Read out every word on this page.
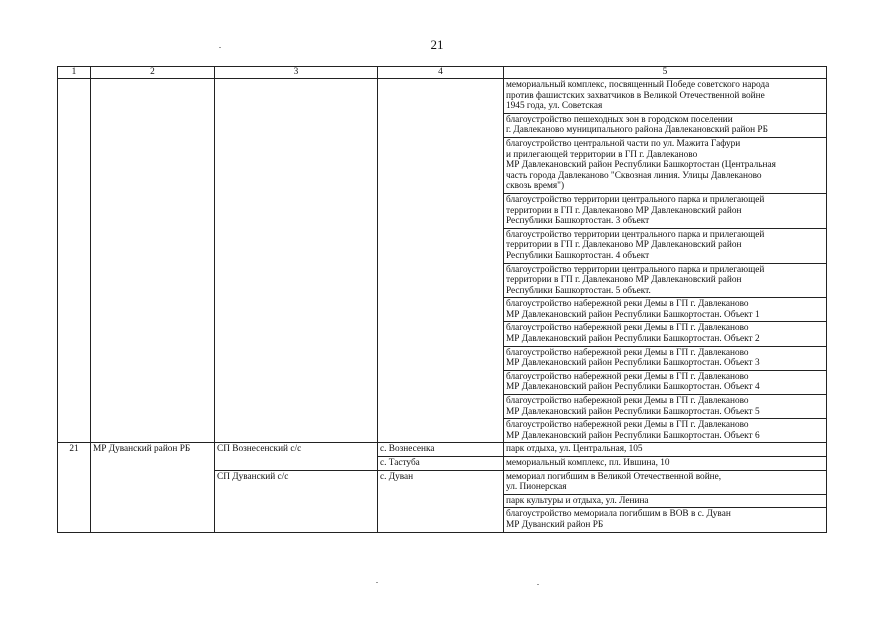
21
1	2	3	4	5
				мемориальный комплекс, посвященный Победе советского народа
против фашистских захватчиков в Великой Отечественной войне
1945 года, ул. Советская
				благоустройство пешеходных зон в городском поселении
г. Давлеканово муниципального района Давлекановский район РБ
				благоустройство центральной части по ул. Мажита Гафури
и прилегающей территории в ГП г. Давлеканово
МР Давлекановский район Республики Башкортостан (Центральная
часть города Давлеканово "Сквозная линия. Улицы Давлеканово
сквозь время")
				благоустройство территории центрального парка и прилегающей
территории в ГП г. Давлеканово МР Давлекановский район
Республики Башкортостан. 3 объект
				благоустройство территории центрального парка и прилегающей
территории в ГП г. Давлеканово МР Давлекановский район
Республики Башкортостан. 4 объект
				благоустройство территории центрального парка и прилегающей
территории в ГП г. Давлеканово МР Давлекановский район
Республики Башкортостан. 5 объект.
				благоустройство набережной реки Демы в ГП г. Давлеканово
МР Давлекановский район Республики Башкортостан. Объект 1
				благоустройство набережной реки Демы в ГП г. Давлеканово
МР Давлекановский район Республики Башкортостан. Объект 2
				благоустройство набережной реки Демы в ГП г. Давлеканово
МР Давлекановский район Республики Башкортостан. Объект 3
				благоустройство набережной реки Демы в ГП г. Давлеканово
МР Давлекановский район Республики Башкортостан. Объект 4
				благоустройство набережной реки Демы в ГП г. Давлеканово
МР Давлекановский район Республики Башкортостан. Объект 5
				благоустройство набережной реки Демы в ГП г. Давлеканово
МР Давлекановский район Республики Башкортостан. Объект 6
21	МР Дуванский район РБ	СП Вознесенский с/с	с. Вознесенка	парк отдыха, ул. Центральная, 105
			с. Тастуба	мемориальный комплекс, пл. Ившина, 10
		СП Дуванский с/с	с. Дуван	мемориал погибшим в Великой Отечественной войне,
ул. Пионерская
				парк культуры и отдыха, ул. Ленина
				благоустройство мемориала погибшим в ВОВ в с. Дуван
МР Дуванский район РБ
